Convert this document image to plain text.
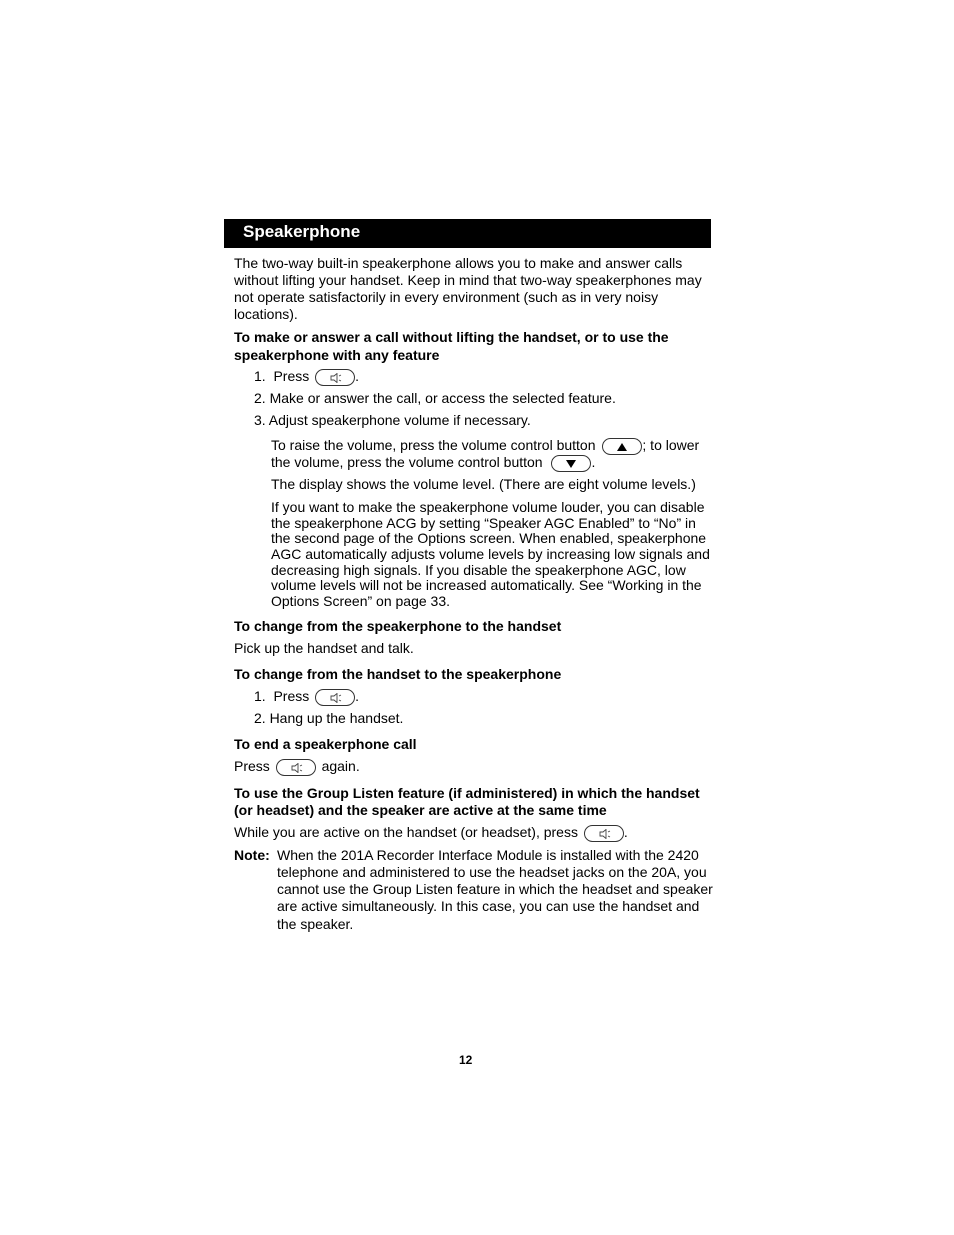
Speakerphone
The two-way built-in speakerphone allows you to make and answer calls
without lifting your handset. Keep in mind that two-way speakerphones may
not operate satisfactorily in every environment (such as in very noisy
locations).
To make or answer a call without lifting the handset, or to use the
speakerphone with any feature
1. Press	.
2. Make or answer the call, or access the selected feature.
3. Adjust speakerphone volume if necessary.
To raise the volume, press the volume control button	; to lower
the volume, press the volume control button	.
The display shows the volume level. (There are eight volume levels.)
If you want to make the speakerphone volume louder, you can disable
the speakerphone ACG by setting “Speaker AGC Enabled” to “No” in
the second page of the Options screen. When enabled, speakerphone
AGC automatically adjusts volume levels by increasing low signals and
decreasing high signals. If you disable the speakerphone AGC, low
volume levels will not be increased automatically. See “Working in the
Options Screen” on page 33.
To change from the speakerphone to the handset
Pick up the handset and talk.
To change from the handset to the speakerphone
1. Press	.
2. Hang up the handset.
To end a speakerphone call
Press	again.
To use the Group Listen feature (if administered) in which the handset
(or headset) and the speaker are active at the same time
While you are active on the handset (or headset), press	.
Note: When the 201A Recorder Interface Module is installed with the 2420
telephone and administered to use the headset jacks on the 20A, you
cannot use the Group Listen feature in which the headset and speaker
are active simultaneously. In this case, you can use the handset and
the speaker.
12
